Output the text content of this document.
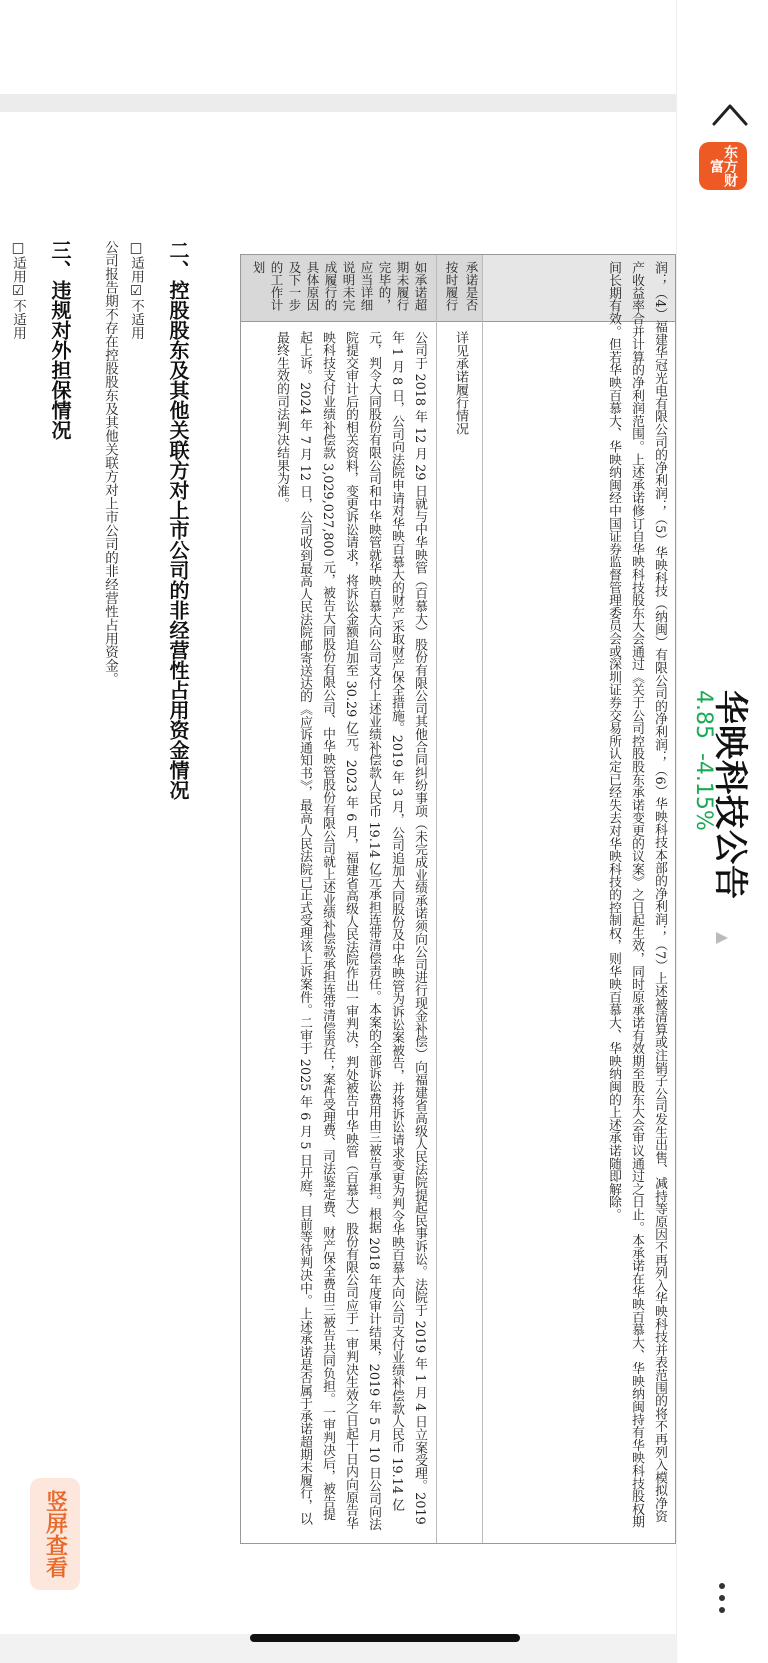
如承诺超期未履行完毕的，应当详细说明未完成履行的具体原因及下一步的工作计划
公司于 2018 年 12 月 29 日就与中华映管（百慕大）股份有限公司其他合同纠纷事项（未完成业绩承诺须向公司进行现金补偿）向福建省高级人民法院提起民事诉讼。法院于 2019 年 1 月 4 日立案受理。2019 年 1 月 8 日，公司向法院申请对华映百慕大的财产采取财产保全措施。2019 年 3 月，公司追加大同股份及中华映管为诉讼案被告，并将诉讼请求变更为判令华映百慕大向公司支付业绩补偿款人民币 19.14 亿元，判令大同股份有限公司和中华映管就华映百慕大向公司支付上述业绩补偿款人民币 19.14 亿元承担连带清偿责任。本案的全部诉讼费用由三被告承担。根据 2018 年度审计结果，2019 年 5 月 10 日公司向法院提交审计后的相关资料，变更诉讼请求，将诉讼金额追加至 30.29 亿元。2023 年 6 月，福建省高级人民法院作出一审判决，判处被告中华映管（百慕大）股份有限公司应于一审判决生效之日起十日内向原告华映科技支付业绩补偿款 3,029,027,800 元，被告大同股份有限公司、中华映管股份有限公司就上述业绩补偿款承担连带清偿责任；案件受理费、司法鉴定费、财产保全费由三被告共同负担。一审判决后，被告提起上诉。2024 年 7 月 12 日，公司收到最高人民法院邮寄送达的《应诉通知书》，最高人民法院已正式受理该上诉案件。二审于 2025 年 6 月 5 日开庭，目前等待判决中。上述承诺是否属于承诺超期未履行，以最终生效的司法判决结果为准。
承诺是否按时履行
详见承诺履行情况	润；（4）福建华冠光电有限公司的净利润；（5）华映科技（纳闽）有限公司的净利润；（6）华映科技本部的净利润；（7）上述被清算或注销子公司发生出售、减持等原因不再列入华映科技并表范围的将不再列入模拟净资产收益率合并计算的净利润范围。上述承诺修订自华映科技股东大会通过《关于公司控股股东承诺变更的议案》之日起生效，同时原承诺有效期至股东大会审议通过之日止。本承诺在华映百慕大、华映纳闽持有华映科技股权期间长期有效。但若华映百慕大、华映纳闽经中国证券监督管理委员会或深圳证券交易所认定已经失去对华映科技的控制权，则华映百慕大、华映纳闽的上述承诺随即解除。
二、控股股东及其他关联方对上市公司的非经营性占用资金情况
□适用☑不适用
公司报告期不存在控股股东及其他关联方对上市公司的非经营性占用资金。
三、违规对外担保情况
□适用☑不适用
竖屏查看
东方财富
华映科技公告
4.85  -4.15%
